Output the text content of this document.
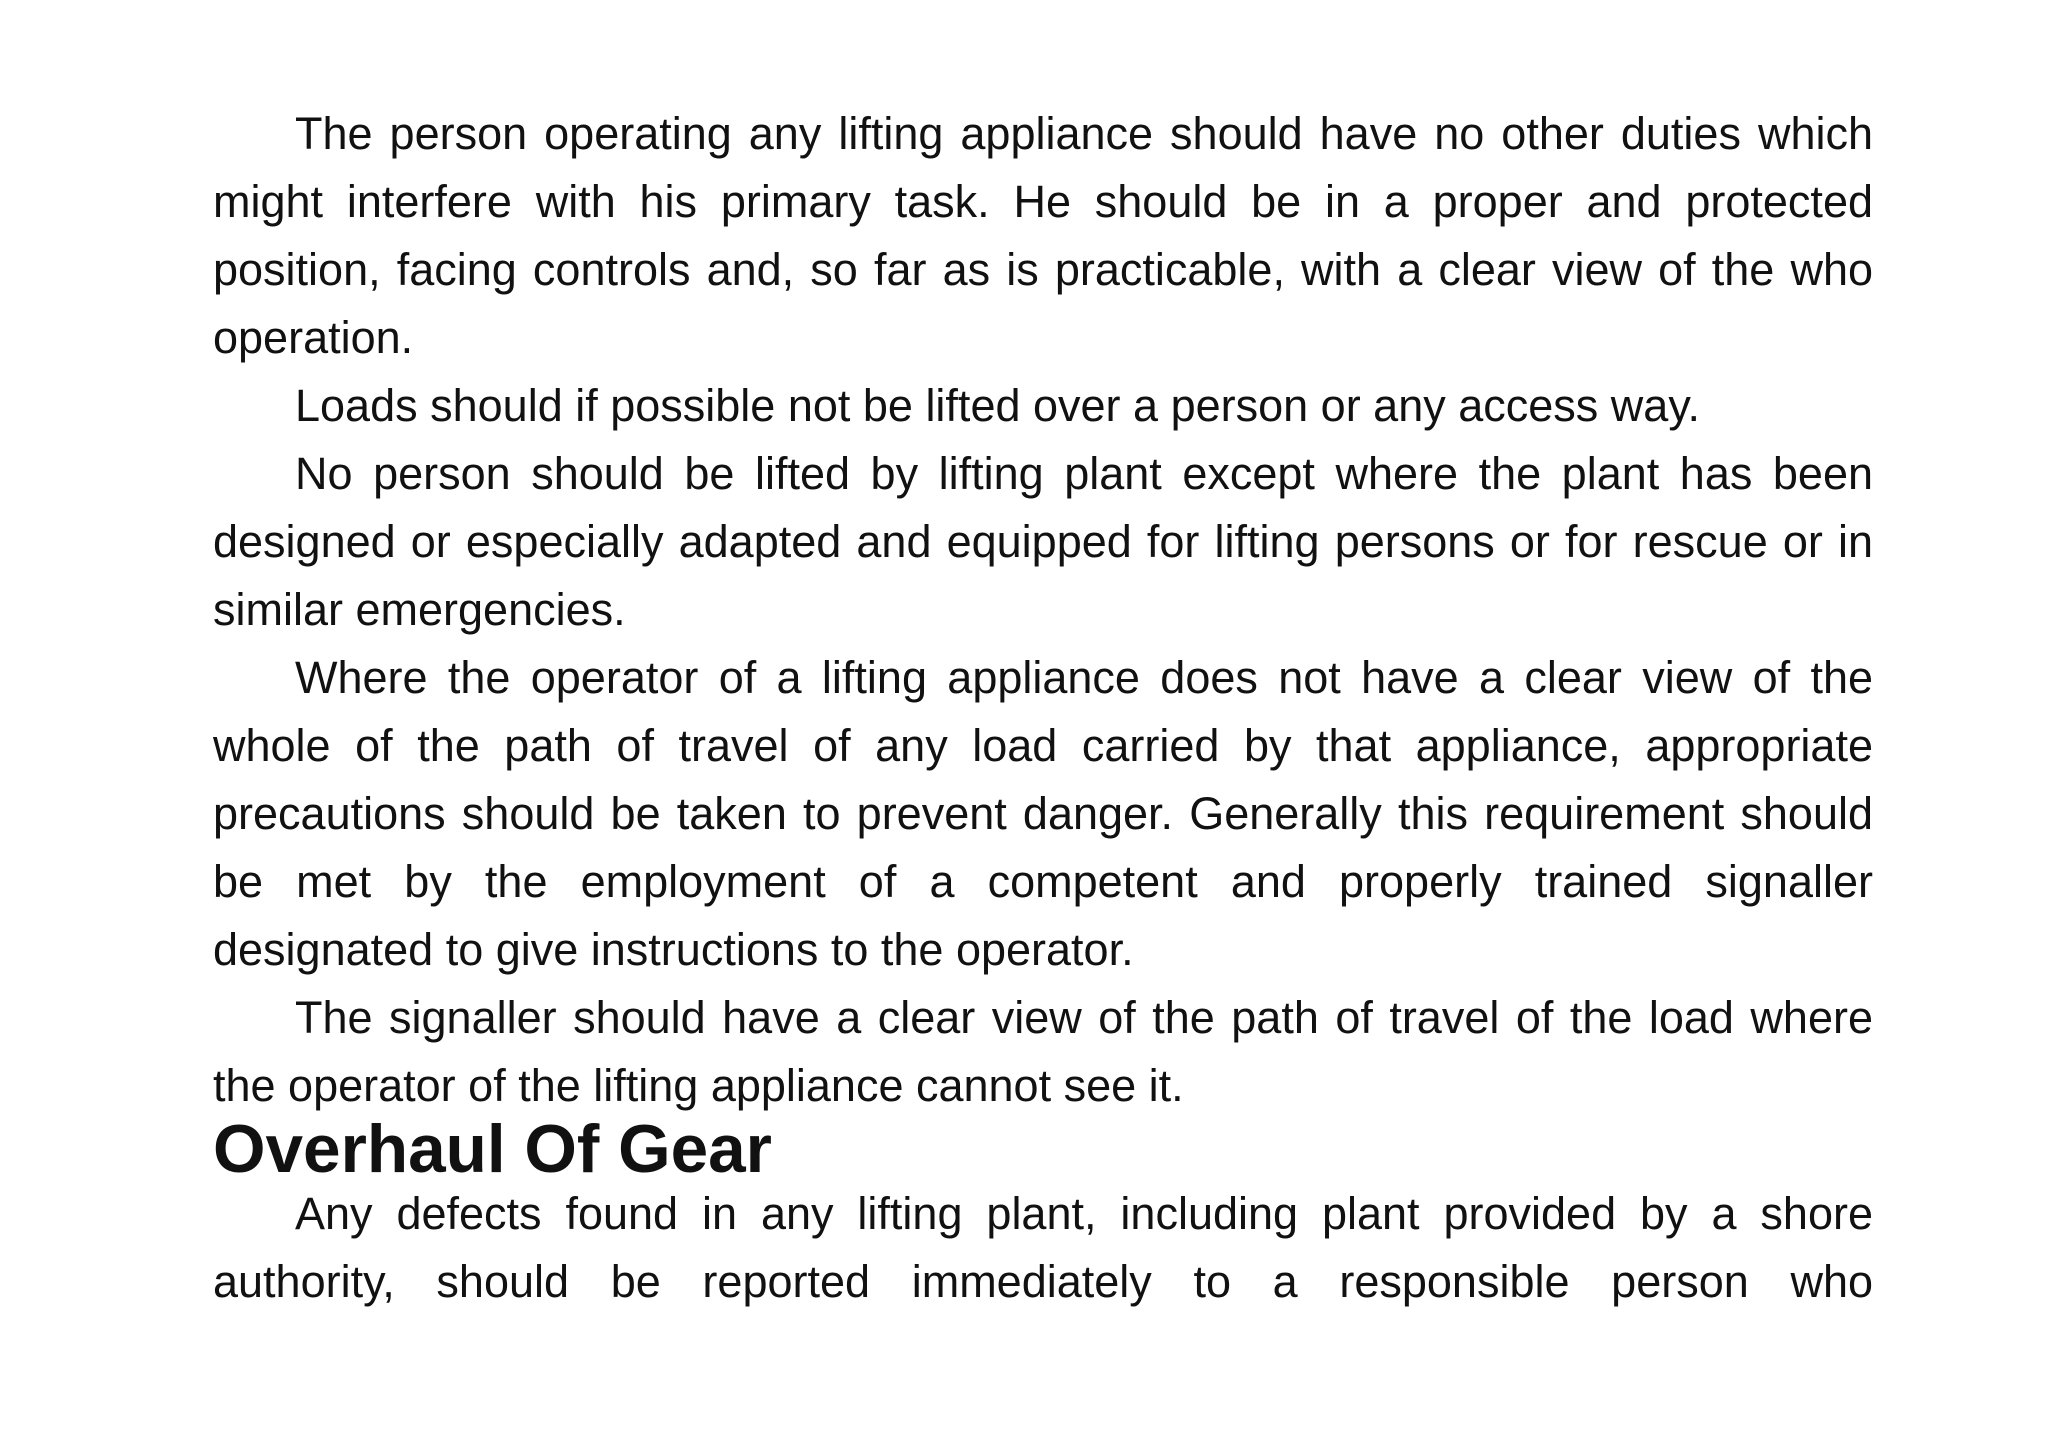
The person operating any lifting appliance should have no other duties which might interfere with his primary task. He should be in a proper and protected position, facing controls and, so far as is practicable, with a clear view of the who operation.

Loads should if possible not be lifted over a person or any access way.

No person should be lifted by lifting plant except where the plant has been designed or especially adapted and equipped for lifting persons or for rescue or in similar emergencies.

Where the operator of a lifting appliance does not have a clear view of the whole of the path of travel of any load carried by that appliance, appropriate precautions should be taken to prevent danger. Generally this requirement should be met by the employment of a competent and properly trained signaller designated to give instructions to the operator.

The signaller should have a clear view of the path of travel of the load where the operator of the lifting appliance cannot see it.

Overhaul Of Gear

Any defects found in any lifting plant, including plant provided by a shore authority, should be reported immediately to a responsible person who
